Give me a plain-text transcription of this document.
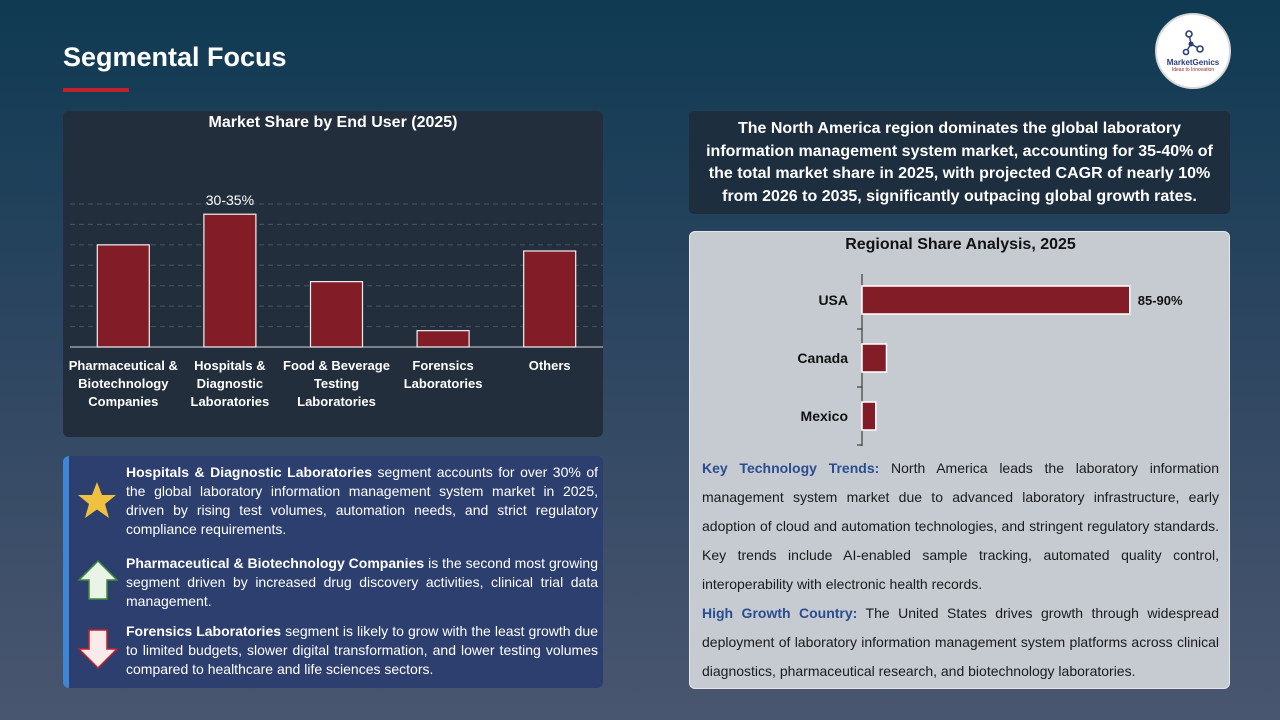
Segmental Focus	MarketGenics
Ideas to Innovation
Market Share by End User (2025)
Pharmaceutical &
Biotechnology
Companies
30-35%
Hospitals &
Diagnostic
Laboratories
Food & Beverage
Testing
Laboratories
Forensics
Laboratories
Others
Hospitals & Diagnostic Laboratories segment accounts for over 30% of the global laboratory information management system market in 2025, driven by rising test volumes, automation needs, and strict regulatory compliance requirements.
Pharmaceutical & Biotechnology Companies is the second most growing segment driven by increased drug discovery activities, clinical trial data management.
Forensics Laboratories segment is likely to grow with the least growth due to limited budgets, slower digital transformation, and lower testing volumes compared to healthcare and life sciences sectors.
The North America region dominates the global laboratory information management system market, accounting for 35-40% of the total market share in 2025, with projected CAGR of nearly 10% from 2026 to 2035, significantly outpacing global growth rates.
Regional Share Analysis, 2025
USA	85-90%
Canada
Mexico

Key Technology Trends: North America leads the laboratory information management system market due to advanced laboratory infrastructure, early adoption of cloud and automation technologies, and stringent regulatory standards. Key trends include AI-enabled sample tracking, automated quality control, interoperability with electronic health records.

High Growth Country: The United States drives growth through widespread deployment of laboratory information management system platforms across clinical diagnostics, pharmaceutical research, and biotechnology laboratories.
